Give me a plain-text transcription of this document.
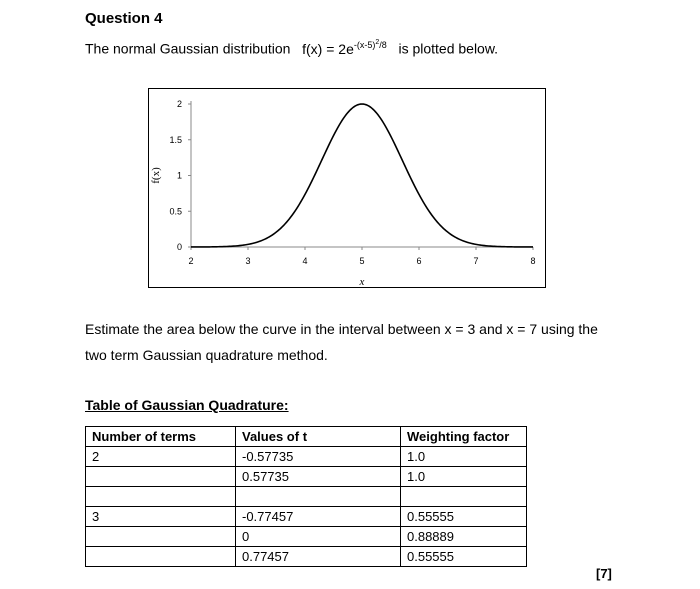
Question 4
The normal Gaussian distribution $f(x) = 2e^{-(x-5)^2/8}$ is plotted below.
0
0.5
1
1.5
2
2	3	4	5	6	7	8
f(x)
x
Estimate the area below the curve in the interval between x = 3 and x = 7 using the
two term Gaussian quadrature method.
Table of Gaussian Quadrature:
Number of terms	Values of t	Weighting factor
2	-0.57735	1.0
	0.57735	1.0

3	-0.77457	0.55555
	0	0.88889
	0.77457	0.55555
[7]
